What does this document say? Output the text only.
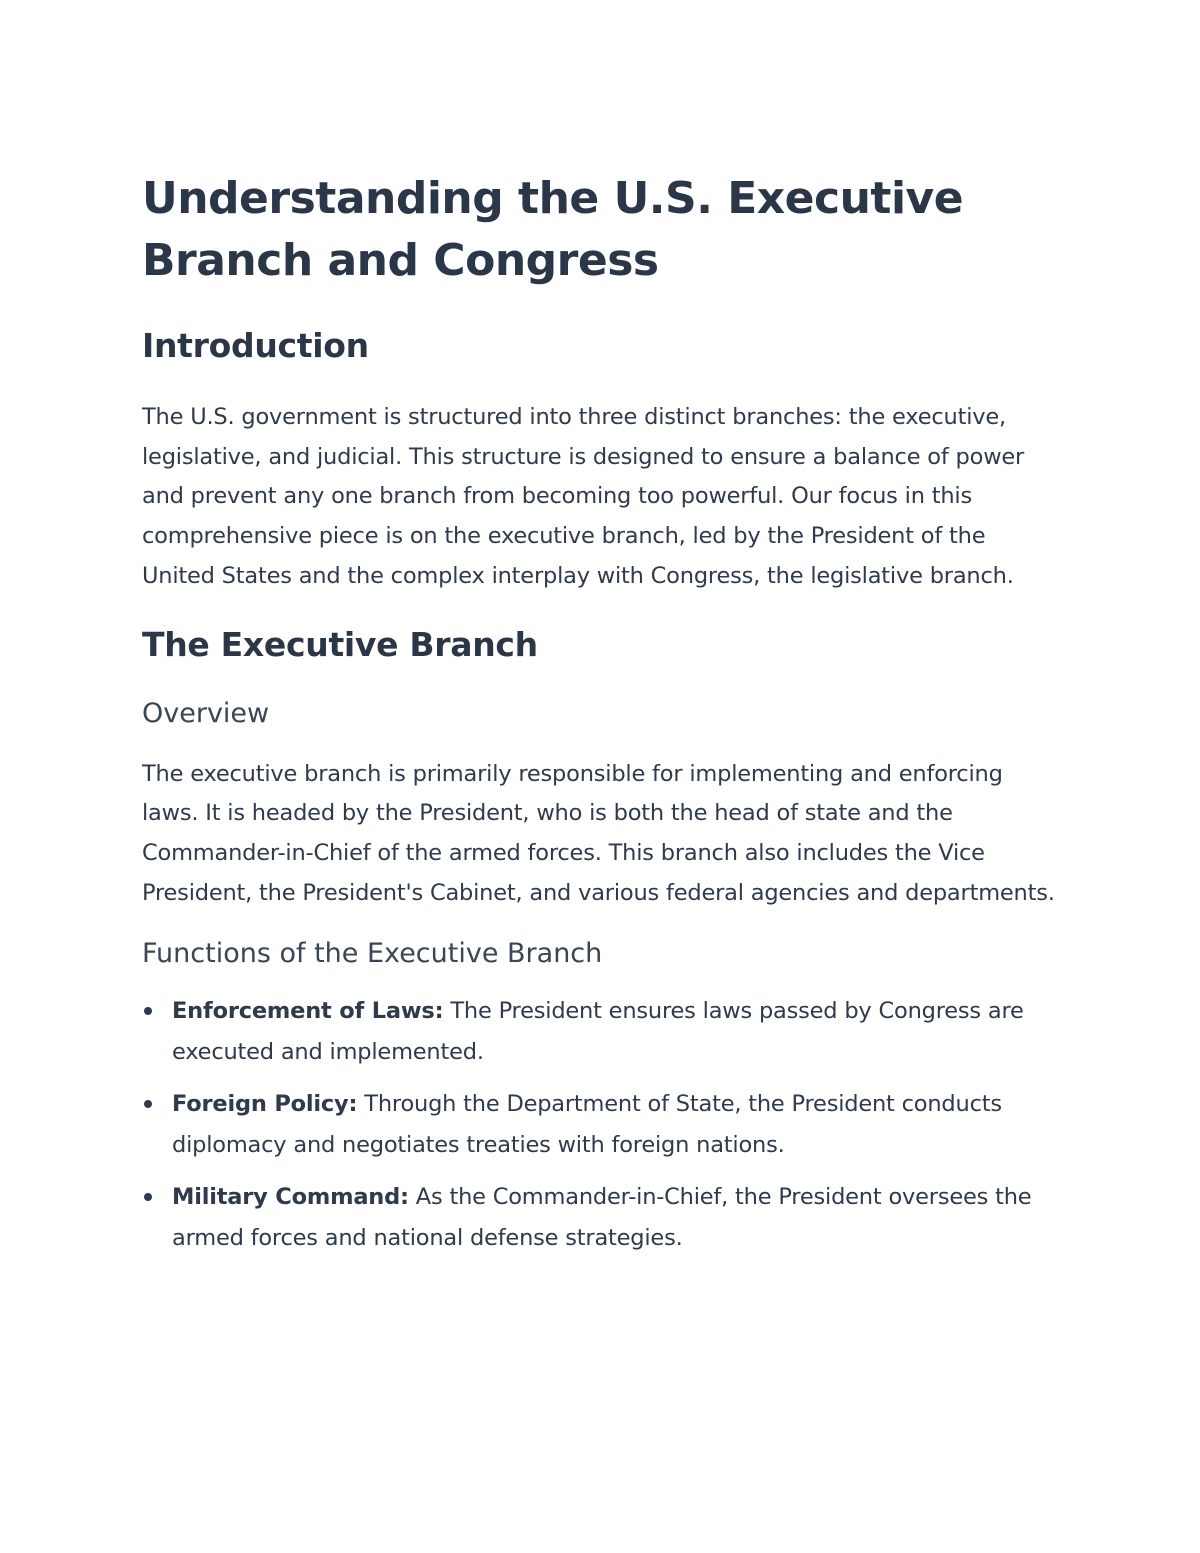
Understanding the U.S. Executive Branch and Congress
Introduction

The U.S. government is structured into three distinct branches: the executive, legislative, and judicial. This structure is designed to ensure a balance of power and prevent any one branch from becoming too powerful. Our focus in this comprehensive piece is on the executive branch, led by the President of the United States and the complex interplay with Congress, the legislative branch.

The Executive Branch
Overview

The executive branch is primarily responsible for implementing and enforcing laws. It is headed by the President, who is both the head of state and the Commander-in-Chief of the armed forces. This branch also includes the Vice President, the President's Cabinet, and various federal agencies and departments.

Functions of the Executive Branch
Enforcement of Laws: The President ensures laws passed by Congress are executed and implemented.
Foreign Policy: Through the Department of State, the President conducts diplomacy and negotiates treaties with foreign nations.
Military Command: As the Commander-in-Chief, the President oversees the armed forces and national defense strategies.
